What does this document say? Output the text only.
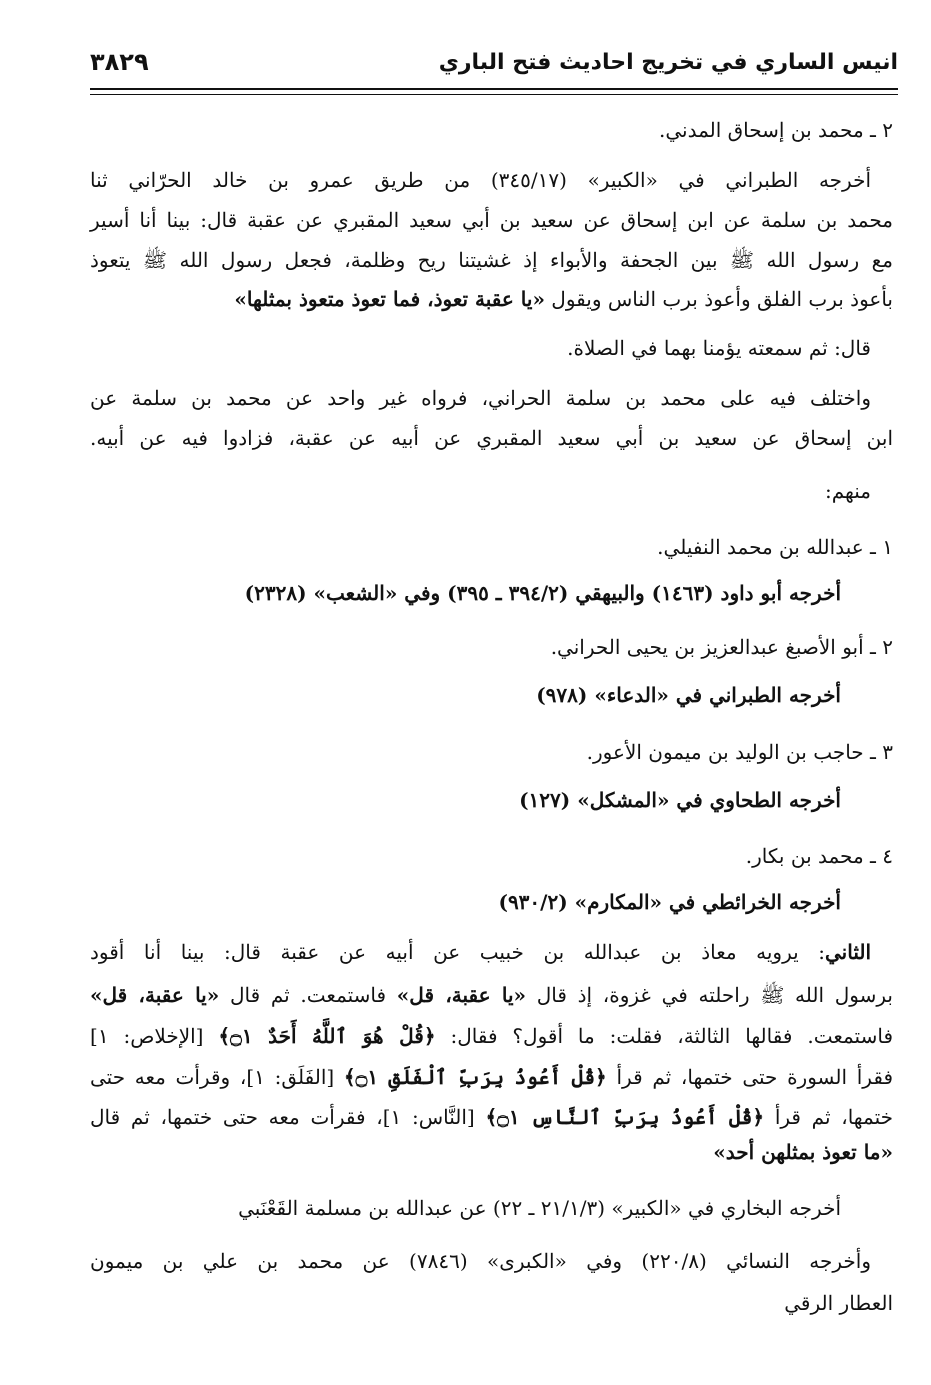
انيس الساري في تخريج احاديث فتح الباري
٣٨٢٩
٢ ـ محمد بن إسحاق المدني.
أخرجه الطبراني في «الكبير» (٣٤٥/١٧) من طريق عمرو بن خالد الحرّاني ثنا
محمد بن سلمة عن ابن إسحاق عن سعيد بن أبي سعيد المقبري عن عقبة قال: بينا أنا أسير
مع رسول الله ﷺ بين الجحفة والأبواء إذ غشيتنا ريح وظلمة، فجعل رسول الله ﷺ يتعوذ
بأعوذ برب الفلق وأعوذ برب الناس ويقول «يا عقبة تعوذ، فما تعوذ متعوذ بمثلها»
قال: ثم سمعته يؤمنا بهما في الصلاة.
واختلف فيه على محمد بن سلمة الحراني، فرواه غير واحد عن محمد بن سلمة عن
ابن إسحاق عن سعيد بن أبي سعيد المقبري عن أبيه عن عقبة، فزادوا فيه عن أبيه.
منهم:
١ ـ عبدالله بن محمد النفيلي.
أخرجه أبو داود (١٤٦٣) والبيهقي (٣٩٤/٢ ـ ٣٩٥) وفي «الشعب» (٢٣٢٨)
٢ ـ أبو الأصبغ عبدالعزيز بن يحيى الحراني.
أخرجه الطبراني في «الدعاء» (٩٧٨)
٣ ـ حاجب بن الوليد بن ميمون الأعور.
أخرجه الطحاوي في «المشكل» (١٢٧)
٤ ـ محمد بن بكار.
أخرجه الخرائطي في «المكارم» (٩٣٠/٢)
الثاني: يرويه معاذ بن عبدالله بن خبيب عن أبيه عن عقبة قال: بينا أنا أقود
برسول الله ﷺ راحلته في غزوة، إذ قال «يا عقبة، قل» فاستمعت. ثم قال «يا عقبة، قل»
فاستمعت. فقالها الثالثة، فقلت: ما أقول؟ فقال: ﴿قُلْ هُوَ ٱللَّهُ أَحَدٌ ۝١﴾ [الإخلاص: ١]
فقرأ السورة حتى ختمها، ثم قرأ ﴿قُلْ أَعُوذُ بِرَبِّ ٱلْفَلَقِ ۝١﴾ [الفَلَق: ١]، وقرأت معه حتى
ختمها، ثم قرأ ﴿قُلْ أَعُوذُ بِرَبِّ ٱلنَّاسِ ۝١﴾ [النَّاس: ١]، فقرأت معه حتى ختمها، ثم قال
«ما تعوذ بمثلهن أحد»
أخرجه البخاري في «الكبير» (٢١/١/٣ ـ ٢٢) عن عبدالله بن مسلمة القَعْنَبي
وأخرجه النسائي (٢٢٠/٨) وفي «الكبرى» (٧٨٤٦) عن محمد بن علي بن ميمون
العطار الرقي
